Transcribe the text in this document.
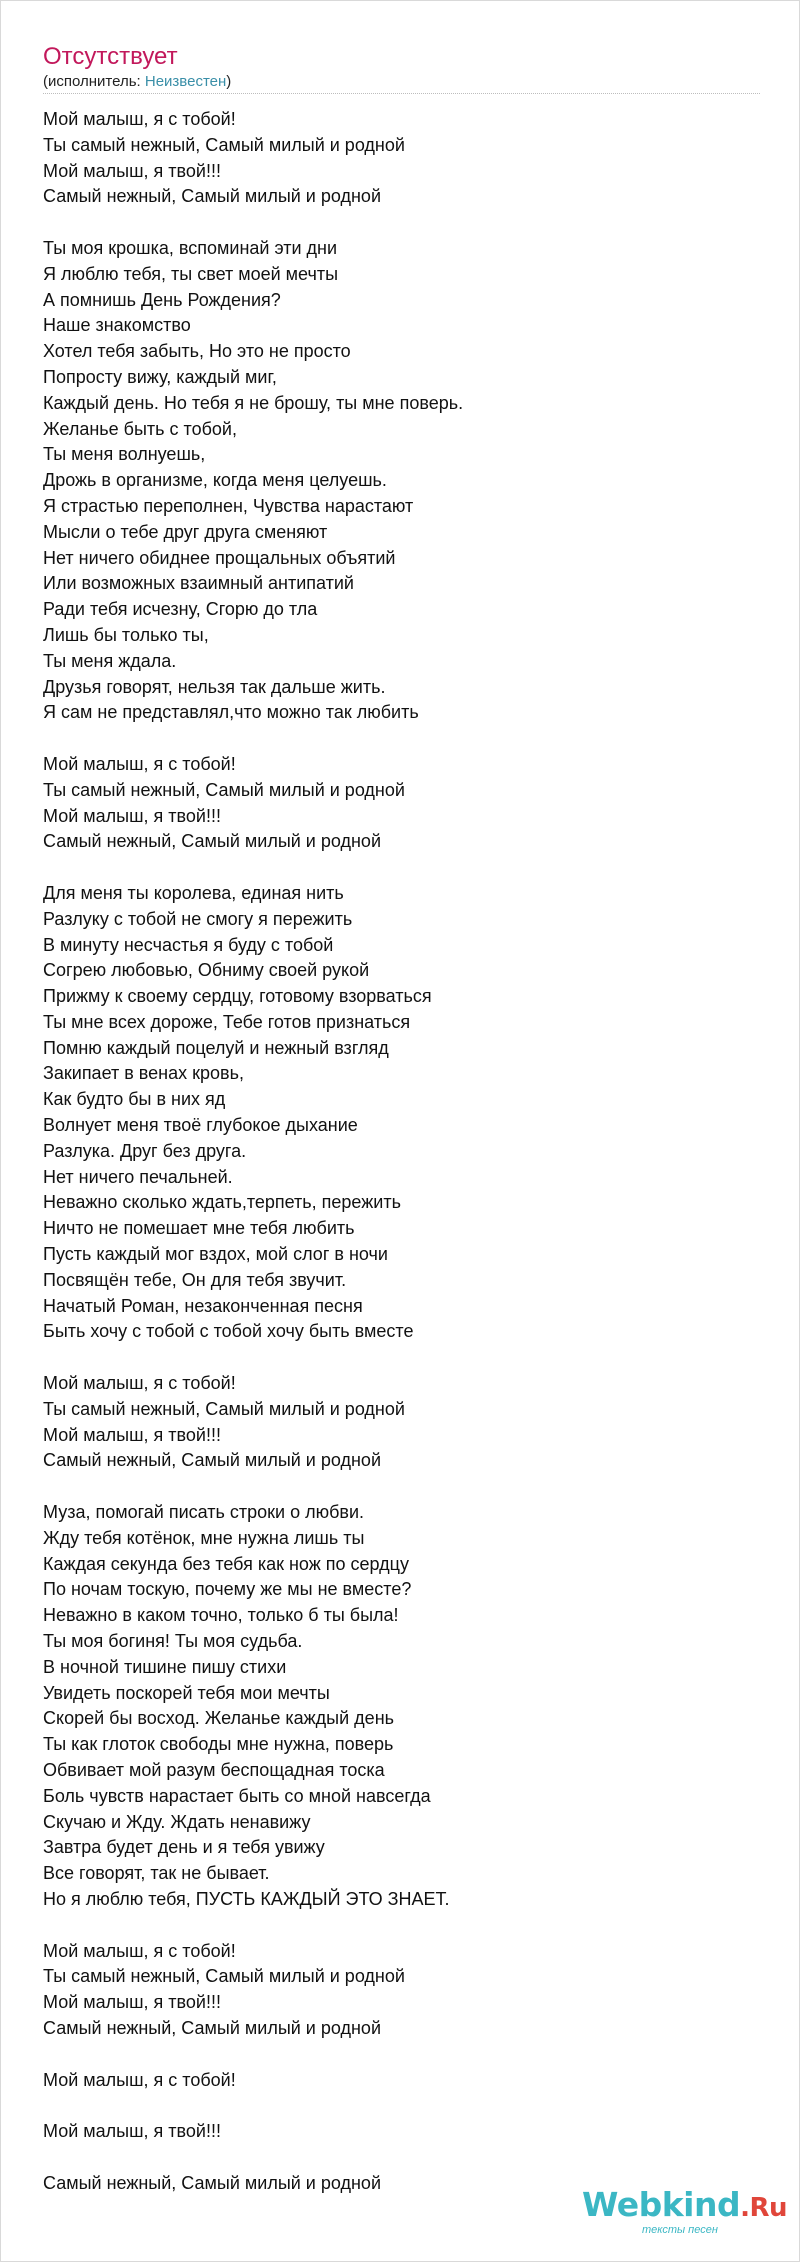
Отсутствует
(исполнитель: Неизвестен)
Мой малыш, я с тобой!
Ты самый нежный, Самый милый и родной
Мой малыш, я твой!!!
Самый нежный, Самый милый и родной
Ты моя крошка, вспоминай эти дни
Я люблю тебя, ты свет моей мечты
А помнишь День Рождения?
Наше знакомство
Хотел тебя забыть, Но это не просто
Попросту вижу, каждый миг,
Каждый день. Но тебя я не брошу, ты мне поверь.
Желанье быть с тобой,
Ты меня волнуешь,
Дрожь в организме, когда меня целуешь.
Я страстью переполнен, Чувства нарастают
Мысли о тебе друг друга сменяют
Нет ничего обиднее прощальных объятий
Или возможных взаимный антипатий
Ради тебя исчезну, Сгорю до тла
Лишь бы только ты,
Ты меня ждала.
Друзья говорят, нельзя так дальше жить.
Я сам не представлял,что можно так любить
Мой малыш, я с тобой!
Ты самый нежный, Самый милый и родной
Мой малыш, я твой!!!
Самый нежный, Самый милый и родной
Для меня ты королева, единая нить
Разлуку с тобой не смогу я пережить
В минуту несчастья я буду с тобой
Согрею любовью, Обниму своей рукой
Прижму к своему сердцу, готовому взорваться
Ты мне всех дороже, Тебе готов признаться
Помню каждый поцелуй и нежный взгляд
Закипает в венах кровь,
Как будто бы в них яд
Волнует меня твоё глубокое дыхание
Разлука. Друг без друга.
Нет ничего печальней.
Неважно сколько ждать,терпеть, пережить
Ничто не помешает мне тебя любить
Пусть каждый мог вздох, мой слог в ночи
Посвящён тебе, Он для тебя звучит.
Начатый Роман, незаконченная песня
Быть хочу с тобой с тобой хочу быть вместе
Мой малыш, я с тобой!
Ты самый нежный, Самый милый и родной
Мой малыш, я твой!!!
Самый нежный, Самый милый и родной
Муза, помогай писать строки о любви.
Жду тебя котёнок, мне нужна лишь ты
Каждая секунда без тебя как нож по сердцу
По ночам тоскую, почему же мы не вместе?
Неважно в каком точно, только б ты была!
Ты моя богиня! Ты моя судьба.
В ночной тишине пишу стихи
Увидеть поскорей тебя мои мечты
Скорей бы восход. Желанье каждый день
Ты как глоток свободы мне нужна, поверь
Обвивает мой разум беспощадная тоска
Боль чувств нарастает быть со мной навсегда
Скучаю и Жду. Ждать ненавижу
Завтра будет день и я тебя увижу
Все говорят, так не бывает.
Но я люблю тебя, ПУСТЬ КАЖДЫЙ ЭТО ЗНАЕТ.
Мой малыш, я с тобой!
Ты самый нежный, Самый милый и родной
Мой малыш, я твой!!!
Самый нежный, Самый милый и родной
Мой малыш, я с тобой!
Мой малыш, я твой!!!
Самый нежный, Самый милый и родной
Webkind.Ru
тексты песен
